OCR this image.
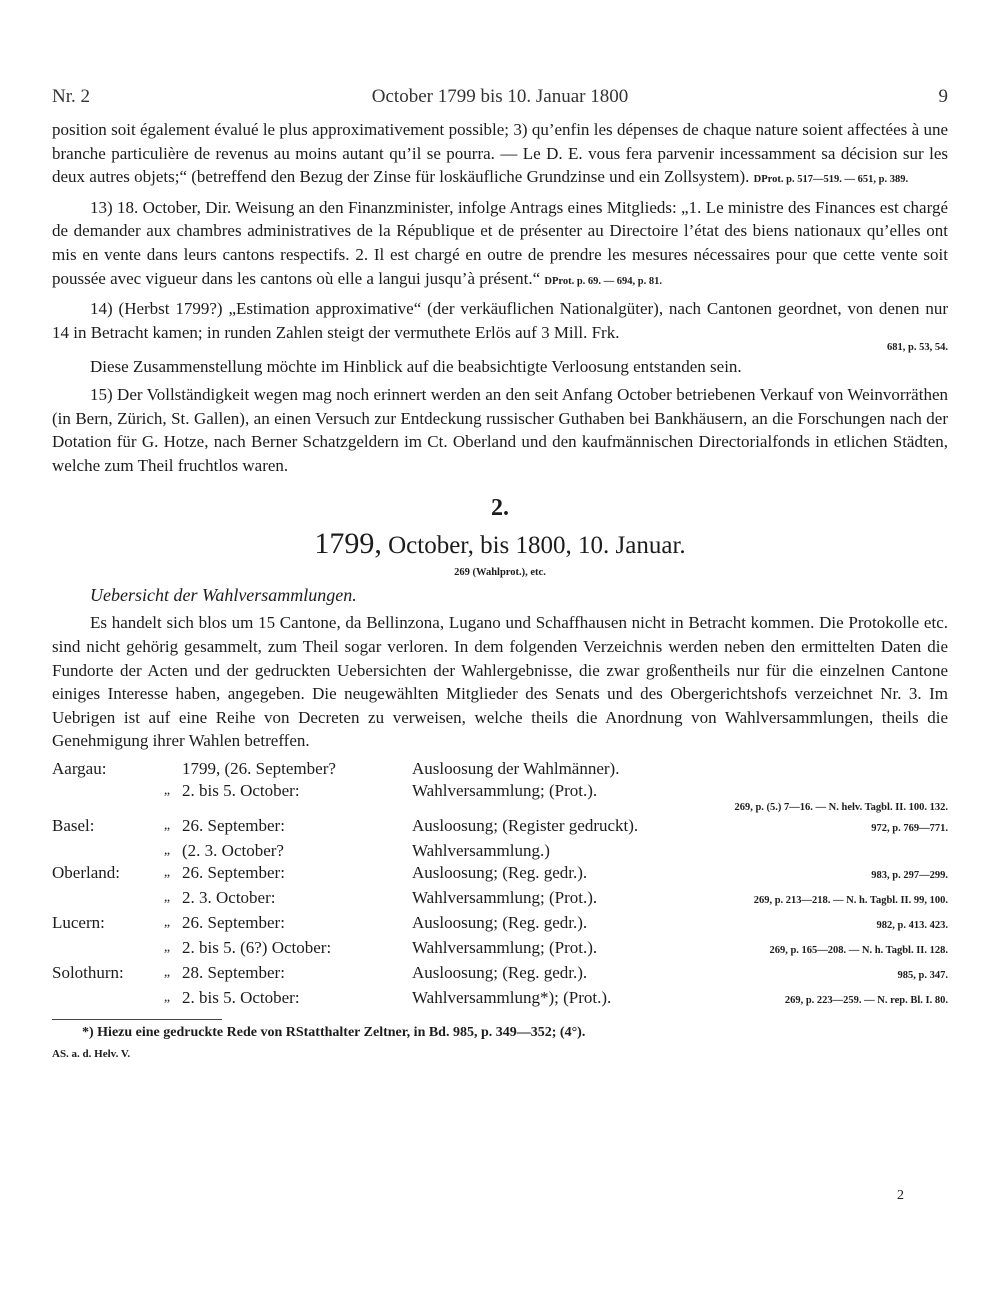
Nr. 2	October 1799 bis 10. Januar 1800	9

position soit également évalué le plus approximativement possible; 3) qu’enfin les dépenses de chaque nature soient affectées à une branche particulière de revenus au moins autant qu’il se pourra. — Le D. E. vous fera parvenir incessamment sa décision sur les deux autres objets;“ (betreffend den Bezug der Zinse für loskäufliche Grundzinse und ein Zollsystem). DProt. p. 517—519. — 651, p. 389.

13) 18. October, Dir. Weisung an den Finanzminister, infolge Antrags eines Mitglieds: „1. Le ministre des Finances est chargé de demander aux chambres administratives de la République et de présenter au Directoire l’état des biens nationaux qu’elles ont mis en vente dans leurs cantons respectifs. 2. Il est chargé en outre de prendre les mesures nécessaires pour que cette vente soit poussée avec vigueur dans les cantons où elle a langui jusqu’à présent.“ DProt. p. 69. — 694, p. 81.

14) (Herbst 1799?) „Estimation approximative“ (der verkäuflichen Nationalgüter), nach Cantonen geordnet, von denen nur 14 in Betracht kamen; in runden Zahlen steigt der vermuthete Erlös auf 3 Mill. Frk.

681, p. 53, 54.

Diese Zusammenstellung möchte im Hinblick auf die beabsichtigte Verloosung entstanden sein.

15) Der Vollständigkeit wegen mag noch erinnert werden an den seit Anfang October betriebenen Verkauf von Weinvorräthen (in Bern, Zürich, St. Gallen), an einen Versuch zur Entdeckung russischer Guthaben bei Bankhäusern, an die Forschungen nach der Dotation für G. Hotze, nach Berner Schatzgeldern im Ct. Oberland und den kaufmännischen Directorialfonds in etlichen Städten, welche zum Theil fruchtlos waren.

2.
1799, October, bis 1800, 10. Januar.
269 (Wahlprot.), etc.
Uebersicht der Wahlversammlungen.

Es handelt sich blos um 15 Cantone, da Bellinzona, Lugano und Schaffhausen nicht in Betracht kommen. Die Protokolle etc. sind nicht gehörig gesammelt, zum Theil sogar verloren. In dem folgenden Verzeichnis werden neben den ermittelten Daten die Fundorte der Acten und der gedruckten Uebersichten der Wahlergebnisse, die zwar großentheils nur für die einzelnen Cantone einiges Interesse haben, angegeben. Die neugewählten Mitglieder des Senats und des Obergerichtshofs verzeichnet Nr. 3. Im Uebrigen ist auf eine Reihe von Decreten zu verweisen, welche theils die Anordnung von Wahlversammlungen, theils die Genehmigung ihrer Wahlen betreffen.

Aargau:		1799, (26. September?	Ausloosung der Wahlmänner).	
	„	2. bis 5. October:	Wahlversammlung; (Prot.).	
269, p. (5.) 7—16. — N. helv. Tagbl. II. 100. 132.				
Basel:	„	26. September:	Ausloosung; (Register gedruckt).	972, p. 769—771.
	„	(2. 3. October?	Wahlversammlung.)	
Oberland:	„	26. September:	Ausloosung; (Reg. gedr.).	983, p. 297—299.
	„	2. 3. October:	Wahlversammlung; (Prot.).	269, p. 213—218. — N. h. Tagbl. II. 99, 100.
Lucern:	„	26. September:	Ausloosung; (Reg. gedr.).	982, p. 413. 423.
	„	2. bis 5. (6?) October:	Wahlversammlung; (Prot.).	269, p. 165—208. — N. h. Tagbl. II. 128.
Solothurn:	„	28. September:	Ausloosung; (Reg. gedr.).	985, p. 347.
	„	2. bis 5. October:	Wahlversammlung*); (Prot.).	269, p. 223—259. — N. rep. Bl. I. 80.
*) Hiezu eine gedruckte Rede von RStatthalter Zeltner, in Bd. 985, p. 349—352; (4°).
AS. a. d. Helv. V.
2
